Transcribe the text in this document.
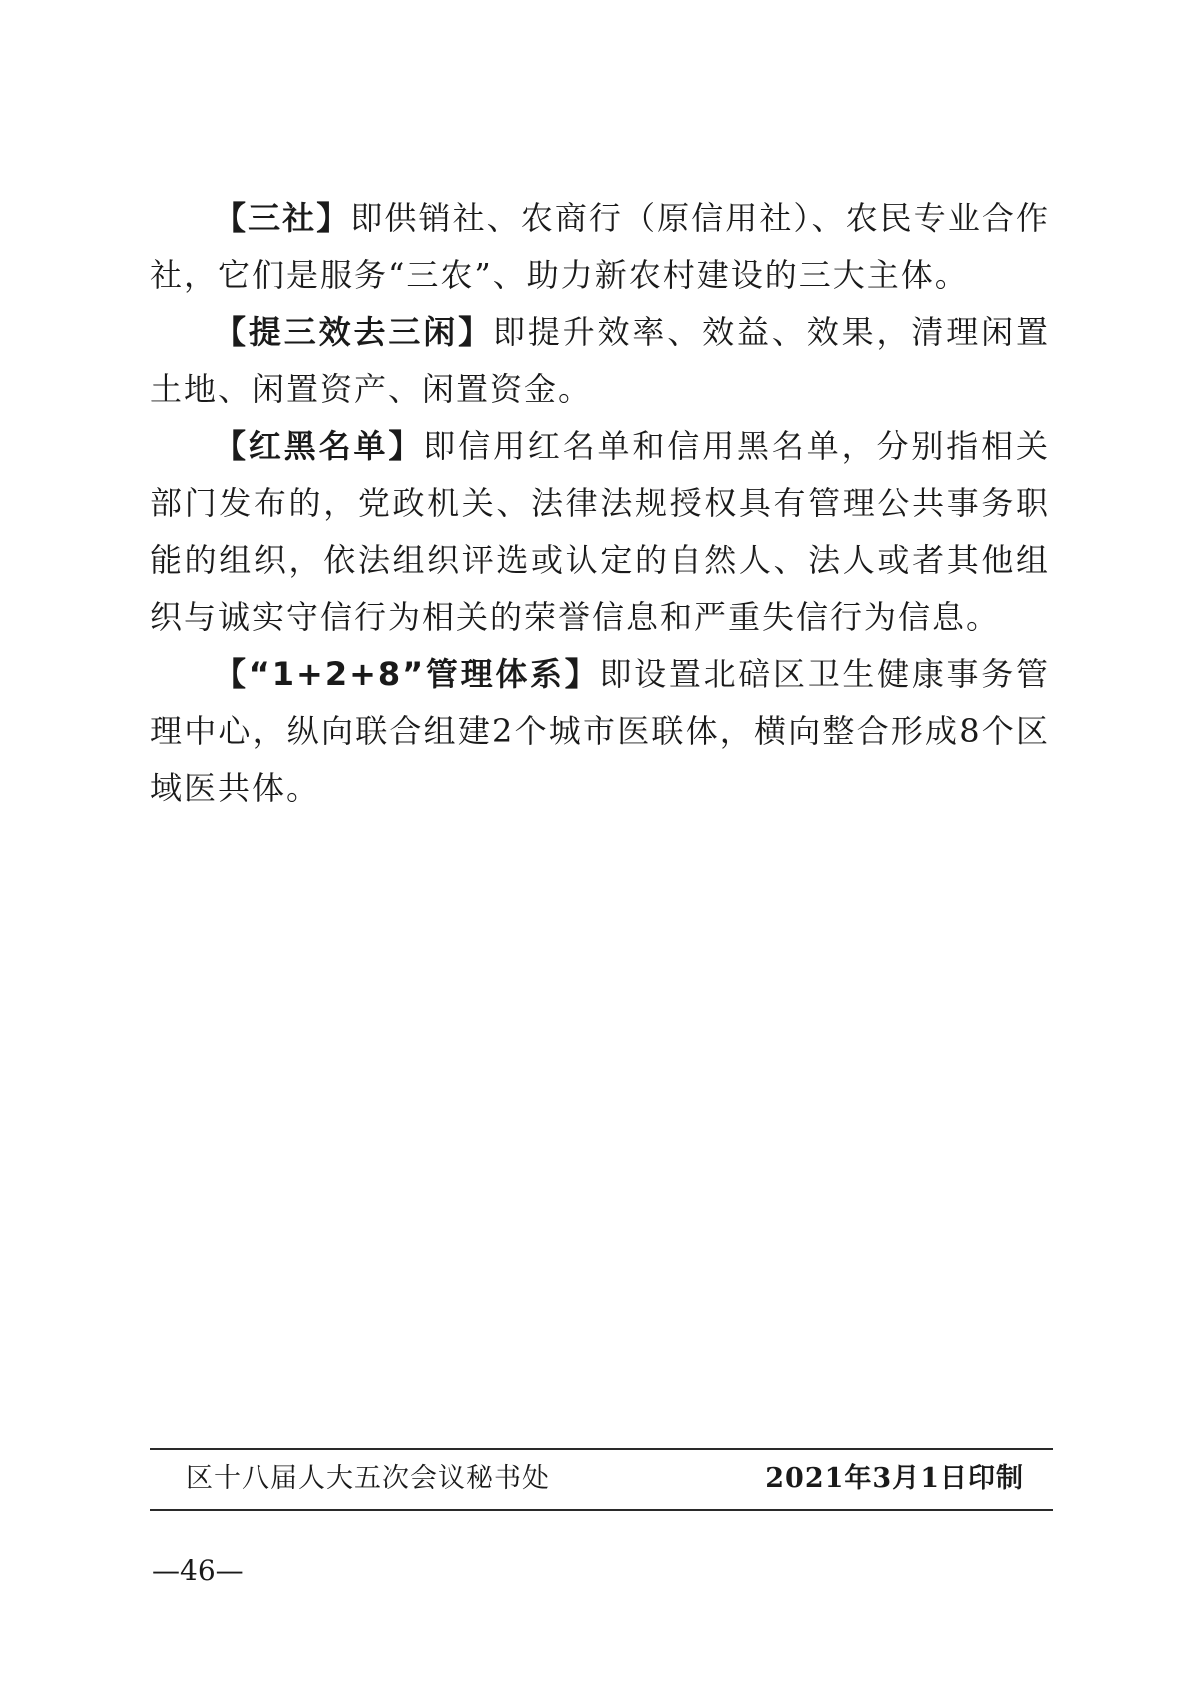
【三社】即供销社、农商行（原信用社）、农民专业合作社，它们是服务“三农”、助力新农村建设的三大主体。

【提三效去三闲】即提升效率、效益、效果，清理闲置土地、闲置资产、闲置资金。

【红黑名单】即信用红名单和信用黑名单，分别指相关部门发布的，党政机关、法律法规授权具有管理公共事务职能的组织，依法组织评选或认定的自然人、法人或者其他组织与诚实守信行为相关的荣誉信息和严重失信行为信息。

【“1+2+8”管理体系】即设置北碚区卫生健康事务管理中心，纵向联合组建2个城市医联体，横向整合形成8个区域医共体。

区十八届人大五次会议秘书处	2021年3月1日印制
—46—
